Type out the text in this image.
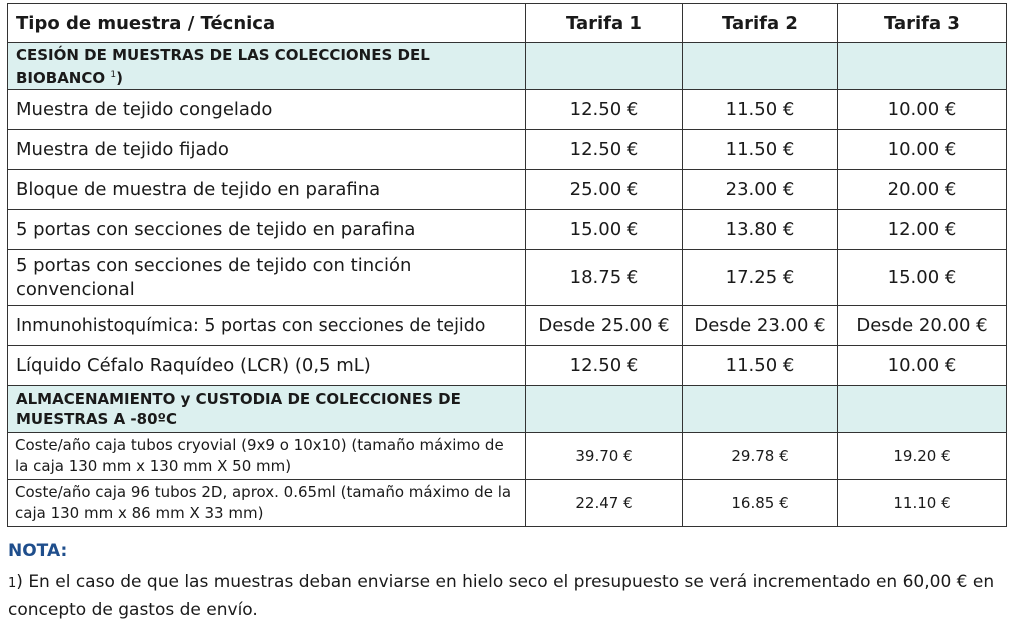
Tipo de muestra / Técnica	Tarifa 1	Tarifa 2	Tarifa 3
CESIÓN DE MUESTRAS DE LAS COLECCIONES DEL BIOBANCO $^1$)			
Muestra de tejido congelado	12.50 €	11.50 €	10.00 €
Muestra de tejido fijado	12.50 €	11.50 €	10.00 €
Bloque de muestra de tejido en parafina	25.00 €	23.00 €	20.00 €
5 portas con secciones de tejido en parafina	15.00 €	13.80 €	12.00 €
5 portas con secciones de tejido con tinción convencional	18.75 €	17.25 €	15.00 €
Inmunohistoquímica: 5 portas con secciones de tejido	Desde 25.00 €	Desde 23.00 €	Desde 20.00 €
Líquido Céfalo Raquídeo (LCR) (0,5 mL)	12.50 €	11.50 €	10.00 €
ALMACENAMIENTO y CUSTODIA DE COLECCIONES DE MUESTRAS A -80ºC			
Coste/año caja tubos cryovial (9x9 o 10x10) (tamaño máximo de la caja 130 mm x 130 mm X 50 mm)	39.70 €	29.78 €	19.20 €
Coste/año caja 96 tubos 2D, aprox. 0.65ml (tamaño máximo de la caja 130 mm x 86 mm X 33 mm)	22.47 €	16.85 €	11.10 €
NOTA:
1) En el caso de que las muestras deban enviarse en hielo seco el presupuesto se verá incrementado en 60,00 € en concepto de gastos de envío.
